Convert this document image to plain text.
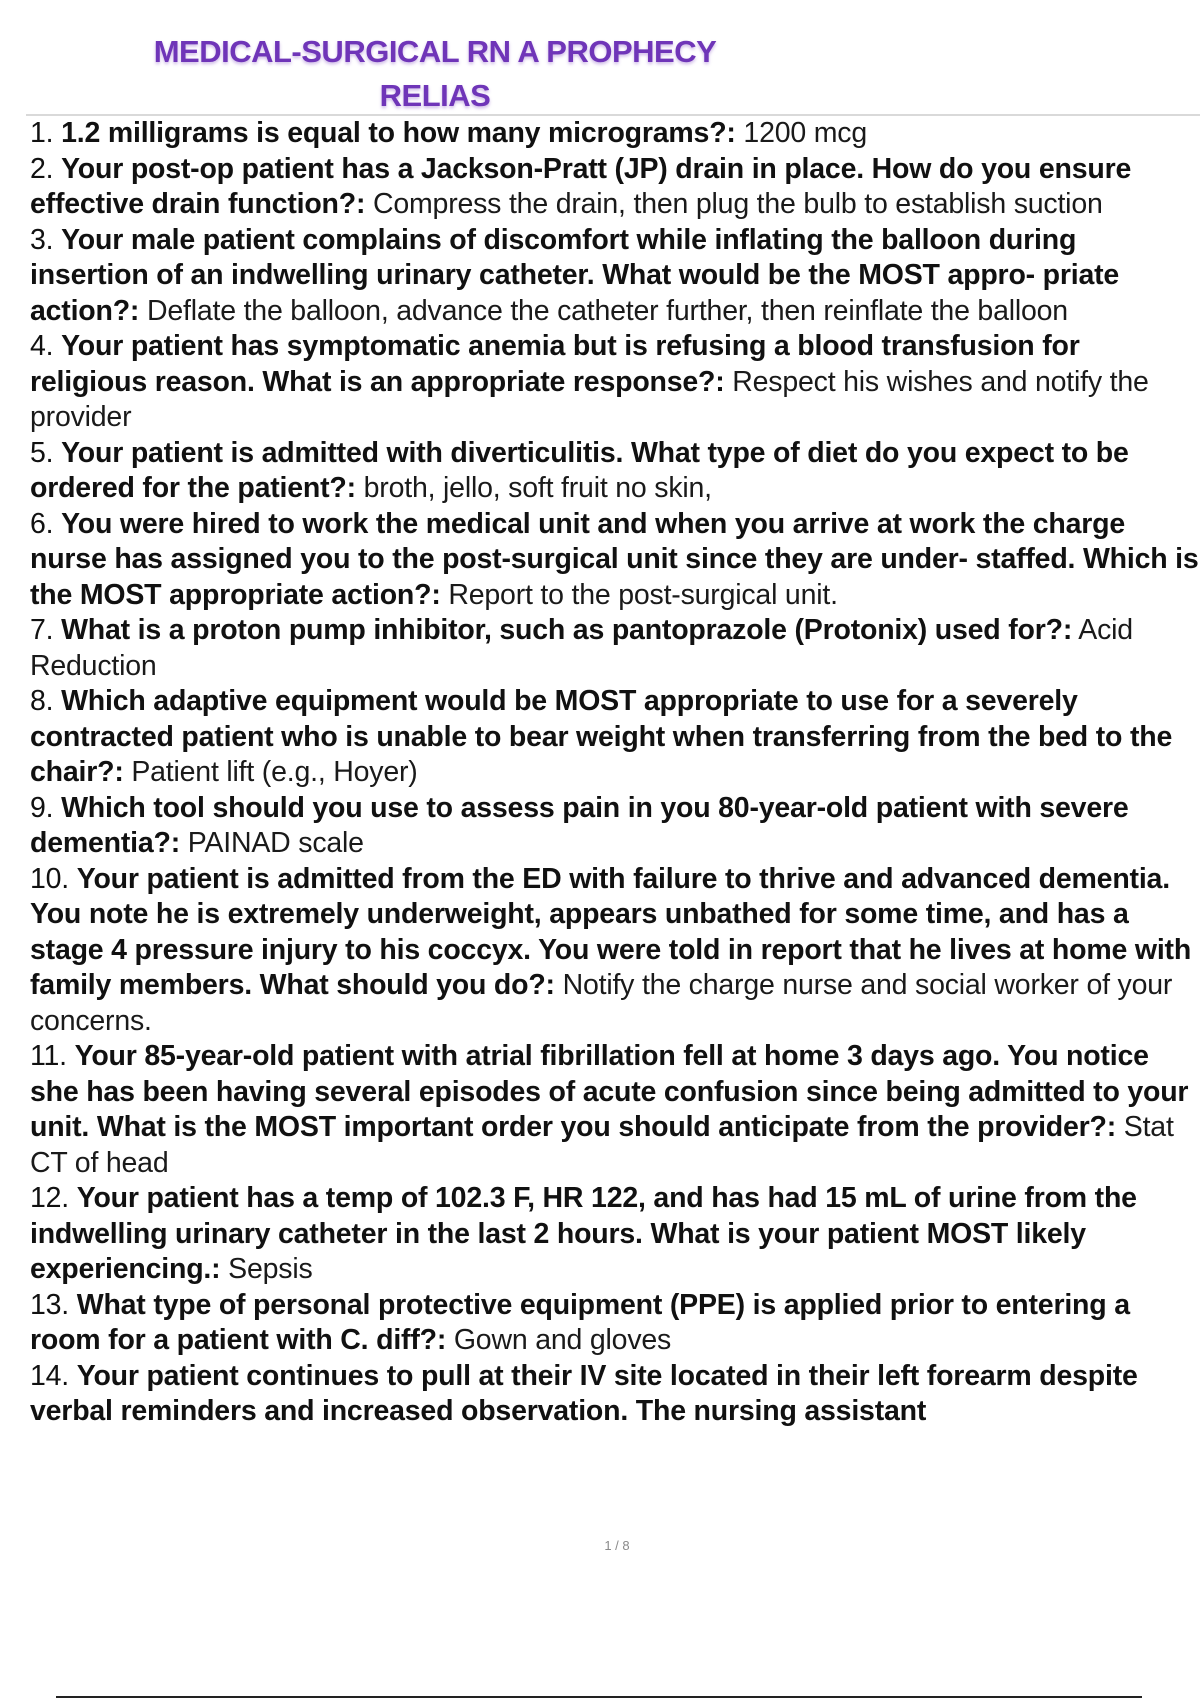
MEDICAL-SURGICAL RN A PROPHECY
RELIAS

1. 1.2 milligrams is equal to how many micrograms?: 1200 mcg

2. Your post-op patient has a Jackson-Pratt (JP) drain in place. How do you ensure effective drain function?: Compress the drain, then plug the bulb to establish suction

3. Your male patient complains of discomfort while inflating the balloon during insertion of an indwelling urinary catheter. What would be the MOST appro- priate action?: Deflate the balloon, advance the catheter further, then reinflate the balloon

4. Your patient has symptomatic anemia but is refusing a blood transfusion for religious reason. What is an appropriate response?: Respect his wishes and notify the provider

5. Your patient is admitted with diverticulitis. What type of diet do you expect to be ordered for the patient?: broth, jello, soft fruit no skin,

6. You were hired to work the medical unit and when you arrive at work the charge nurse has assigned you to the post-surgical unit since they are under- staffed. Which is the MOST appropriate action?: Report to the post-surgical unit.

7. What is a proton pump inhibitor, such as pantoprazole (Protonix) used for?: Acid Reduction

8. Which adaptive equipment would be MOST appropriate to use for a severely contracted patient who is unable to bear weight when transferring from the bed to the chair?: Patient lift (e.g., Hoyer)

9. Which tool should you use to assess pain in you 80-year-old patient with severe dementia?: PAINAD scale

10. Your patient is admitted from the ED with failure to thrive and advanced dementia. You note he is extremely underweight, appears unbathed for some time, and has a stage 4 pressure injury to his coccyx. You were told in report that he lives at home with family members. What should you do?: Notify the charge nurse and social worker of your concerns.

11. Your 85-year-old patient with atrial fibrillation fell at home 3 days ago. You notice she has been having several episodes of acute confusion since being admitted to your unit. What is the MOST important order you should anticipate from the provider?: Stat CT of head

12. Your patient has a temp of 102.3 F, HR 122, and has had 15 mL of urine from the indwelling urinary catheter in the last 2 hours. What is your patient MOST likely experiencing.: Sepsis

13. What type of personal protective equipment (PPE) is applied prior to entering a room for a patient with C. diff?: Gown and gloves

14. Your patient continues to pull at their IV site located in their left forearm despite verbal reminders and increased observation. The nursing assistant

1 / 8
